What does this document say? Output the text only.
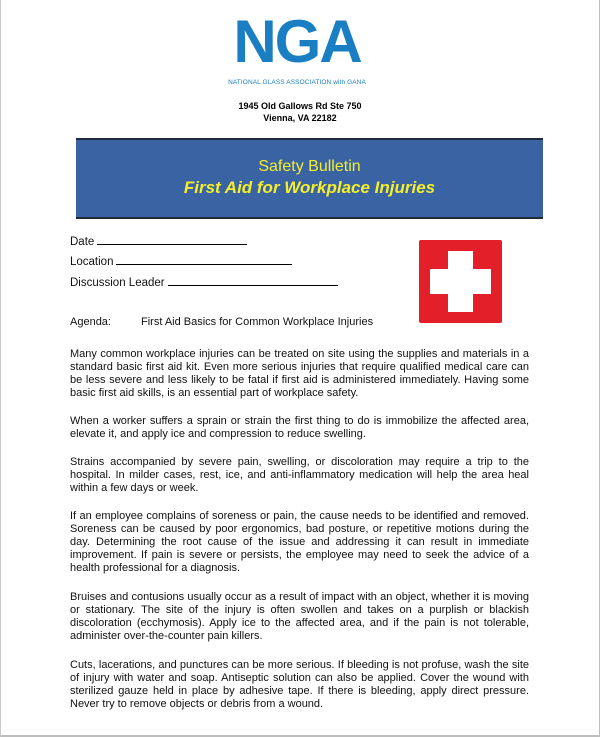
NGA
NATIONAL GLASS ASSOCIATION with GANA
1945 Old Gallows Rd Ste 750
Vienna, VA 22182
Safety Bulletin
First Aid for Workplace Injuries
Date
Location
Discussion Leader
Agenda:	First Aid Basics for Common Workplace Injuries
Many common workplace injuries can be treated on site using the supplies and materials in a standard basic first aid kit. Even more serious injuries that require qualified medical care can be less severe and less likely to be fatal if first aid is administered immediately. Having some basic first aid skills, is an essential part of workplace safety.
When a worker suffers a sprain or strain the first thing to do is immobilize the affected area, elevate it, and apply ice and compression to reduce swelling.
Strains accompanied by severe pain, swelling, or discoloration may require a trip to the hospital. In milder cases, rest, ice, and anti-inflammatory medication will help the area heal within a few days or week.
If an employee complains of soreness or pain, the cause needs to be identified and removed. Soreness can be caused by poor ergonomics, bad posture, or repetitive motions during the day. Determining the root cause of the issue and addressing it can result in immediate improvement. If pain is severe or persists, the employee may need to seek the advice of a health professional for a diagnosis.
Bruises and contusions usually occur as a result of impact with an object, whether it is moving or stationary. The site of the injury is often swollen and takes on a purplish or blackish discoloration (ecchymosis). Apply ice to the affected area, and if the pain is not tolerable, administer over-the-counter pain killers.
Cuts, lacerations, and punctures can be more serious. If bleeding is not profuse, wash the site of injury with water and soap. Antiseptic solution can also be applied. Cover the wound with sterilized gauze held in place by adhesive tape. If there is bleeding, apply direct pressure. Never try to remove objects or debris from a wound.
